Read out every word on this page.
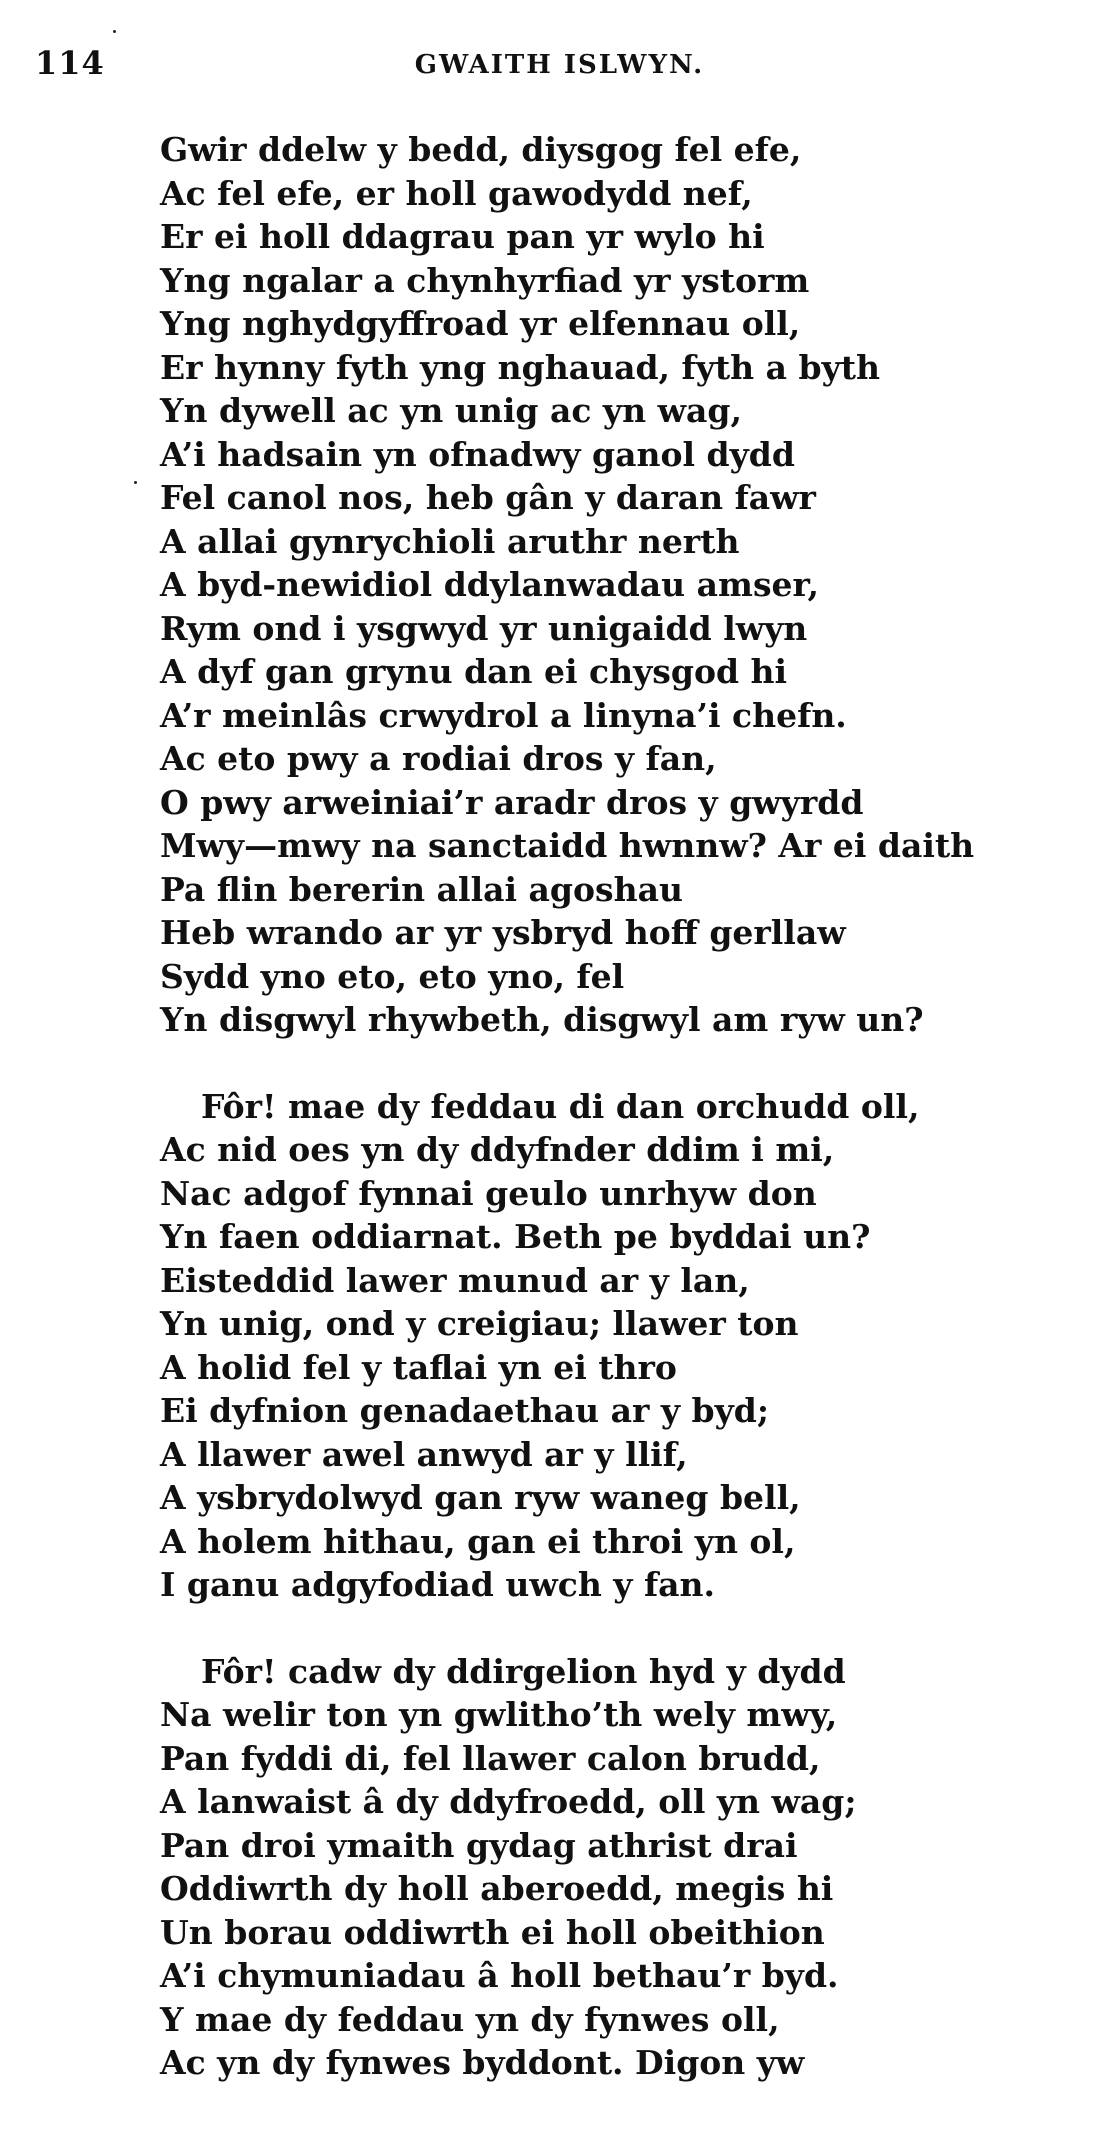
114	GWAITH ISLWYN.
Gwir ddelw y bedd, diysgog fel efe,
Ac fel efe, er holl gawodydd nef,
Er ei holl ddagrau pan yr wylo hi
Yng ngalar a chynhyrfiad yr ystorm
Yng nghydgyffroad yr elfennau oll,
Er hynny fyth yng nghauad, fyth a byth
Yn dywell ac yn unig ac yn wag,
A’i hadsain yn ofnadwy ganol dydd
Fel canol nos, heb gân y daran fawr
A allai gynrychioli aruthr nerth
A byd-newidiol ddylanwadau amser,
Rym ond i ysgwyd yr unigaidd lwyn
A dyf gan grynu dan ei chysgod hi
A’r meinlâs crwydrol a linyna’i chefn.
Ac eto pwy a rodiai dros y fan,
O pwy arweiniai’r aradr dros y gwyrdd
Mwy—mwy na sanctaidd hwnnw? Ar ei daith
Pa flin bererin allai agoshau
Heb wrando ar yr ysbryd hoff gerllaw
Sydd yno eto, eto yno, fel
Yn disgwyl rhywbeth, disgwyl am ryw un?
Fôr! mae dy feddau di dan orchudd oll,
Ac nid oes yn dy ddyfnder ddim i mi,
Nac adgof fynnai geulo unrhyw don
Yn faen oddiarnat. Beth pe byddai un?
Eisteddid lawer munud ar y lan,
Yn unig, ond y creigiau; llawer ton
A holid fel y taflai yn ei thro
Ei dyfnion genadaethau ar y byd;
A llawer awel anwyd ar y llif,
A ysbrydolwyd gan ryw waneg bell,
A holem hithau, gan ei throi yn ol,
I ganu adgyfodiad uwch y fan.
Fôr! cadw dy ddirgelion hyd y dydd
Na welir ton yn gwlitho’th wely mwy,
Pan fyddi di, fel llawer calon brudd,
A lanwaist â dy ddyfroedd, oll yn wag;
Pan droi ymaith gydag athrist drai
Oddiwrth dy holl aberoedd, megis hi
Un borau oddiwrth ei holl obeithion
A’i chymuniadau â holl bethau’r byd.
Y mae dy feddau yn dy fynwes oll,
Ac yn dy fynwes byddont. Digon yw
